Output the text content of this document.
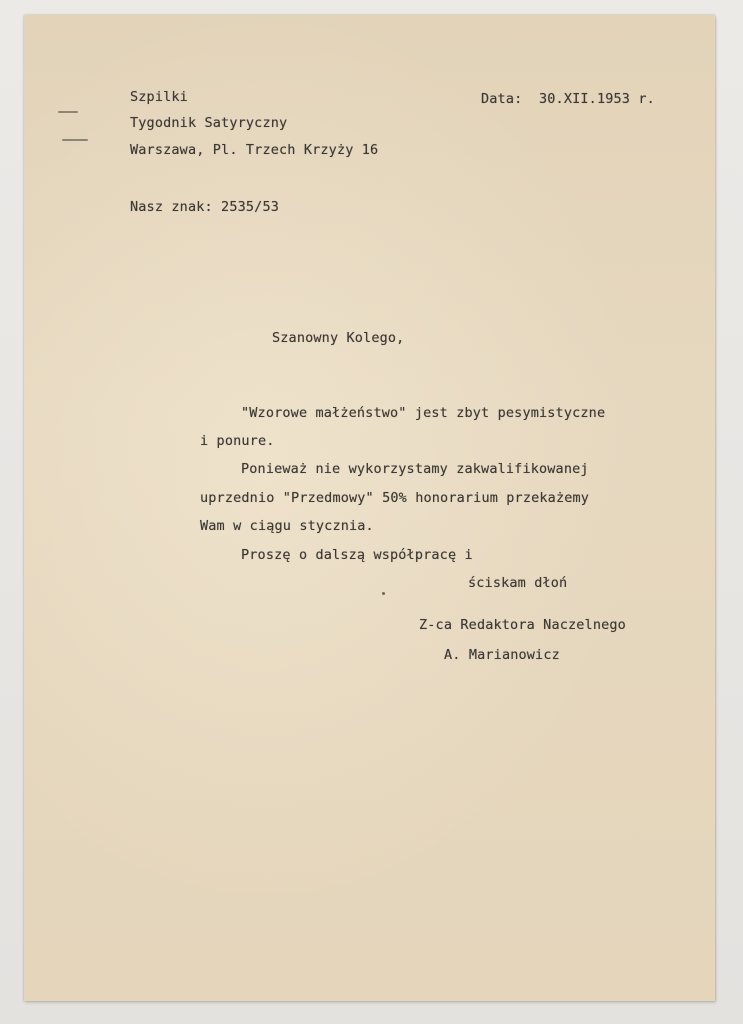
Szpilki
Tygodnik Satyryczny
Warszawa, Pl. Trzech Krzyży 16
Data: 30.XII.1953 r.
Nasz znak: 2535/53
Szanowny Kolego,
"Wzorowe małżeństwo" jest zbyt pesymistyczne
i ponure.
Ponieważ nie wykorzystamy zakwalifikowanej
uprzednio "Przedmowy" 50% honorarium przekażemy
Wam w ciągu stycznia.
Proszę o dalszą współpracę i
ściskam dłoń
Z-ca Redaktora Naczelnego
A. Marianowicz
